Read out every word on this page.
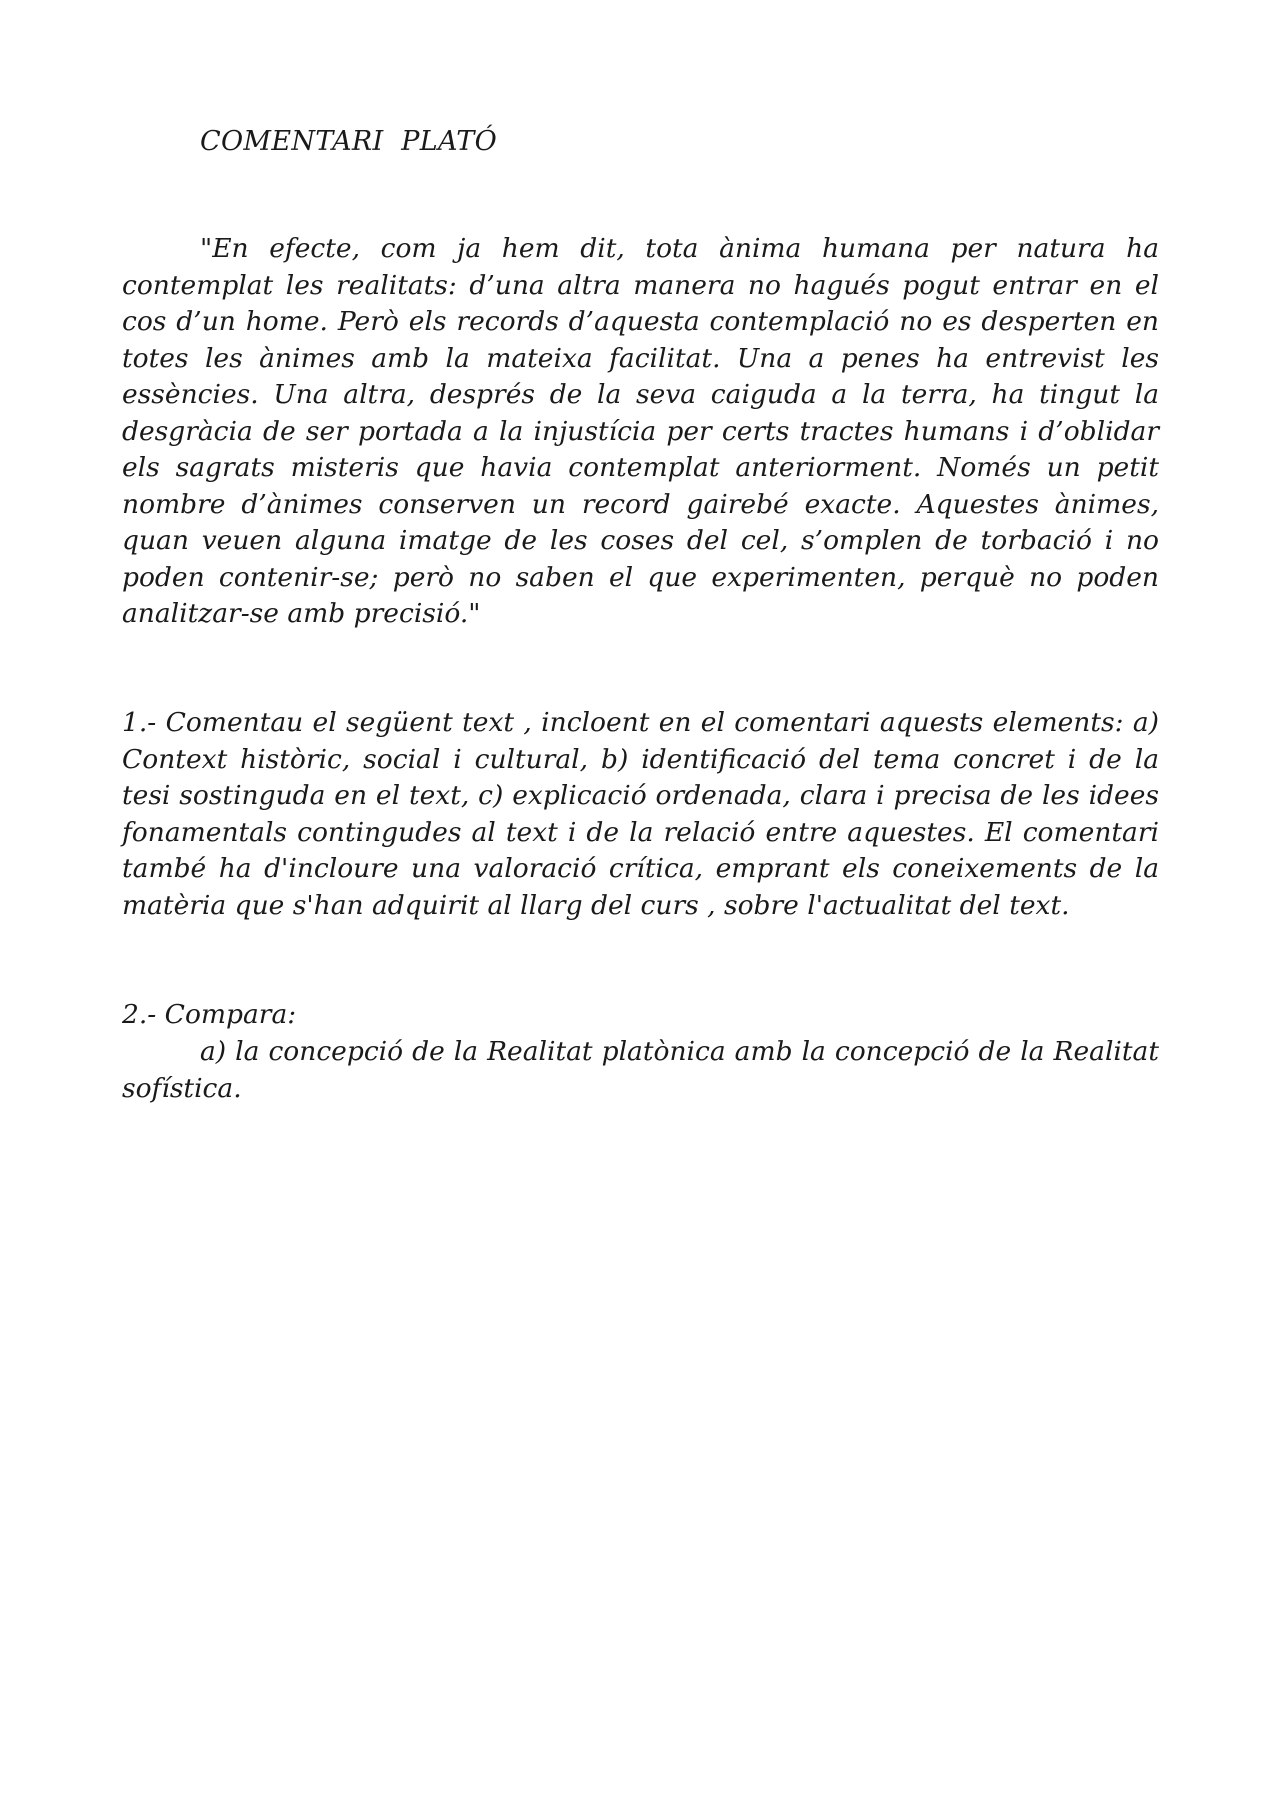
COMENTARI  PLATÓ

"En efecte, com ja hem dit, tota ànima humana per natura ha contemplat les realitats: d’una altra manera no hagués pogut entrar en el cos d’un home. Però els records d’aquesta contemplació no es desperten en totes les ànimes amb la mateixa facilitat. Una a penes ha entrevist les essències. Una altra, després de la seva caiguda a la terra, ha tingut la desgràcia de ser portada a la injustícia per certs tractes humans i d’oblidar els sagrats misteris que havia contemplat anteriorment. Només un petit nombre d’ànimes conserven un record gairebé exacte. Aquestes ànimes, quan veuen alguna imatge de les coses del cel, s’omplen de torbació i no poden contenir-se; però no saben el que experimenten, perquè no poden analitzar-se amb precisió."

1.- Comentau el següent text , incloent en el comentari aquests elements: a) Context històric, social i cultural, b) identificació del tema concret i de la tesi sostinguda en el text, c) explicació ordenada, clara i precisa de les idees fonamentals contingudes al text i de la relació entre aquestes. El comentari també ha d'incloure una valoració crítica, emprant els coneixements de la matèria que s'han adquirit al llarg del curs , sobre l'actualitat del text.

2.- Compara:

a) la concepció de la Realitat platònica amb la concepció de la Realitat sofística.
